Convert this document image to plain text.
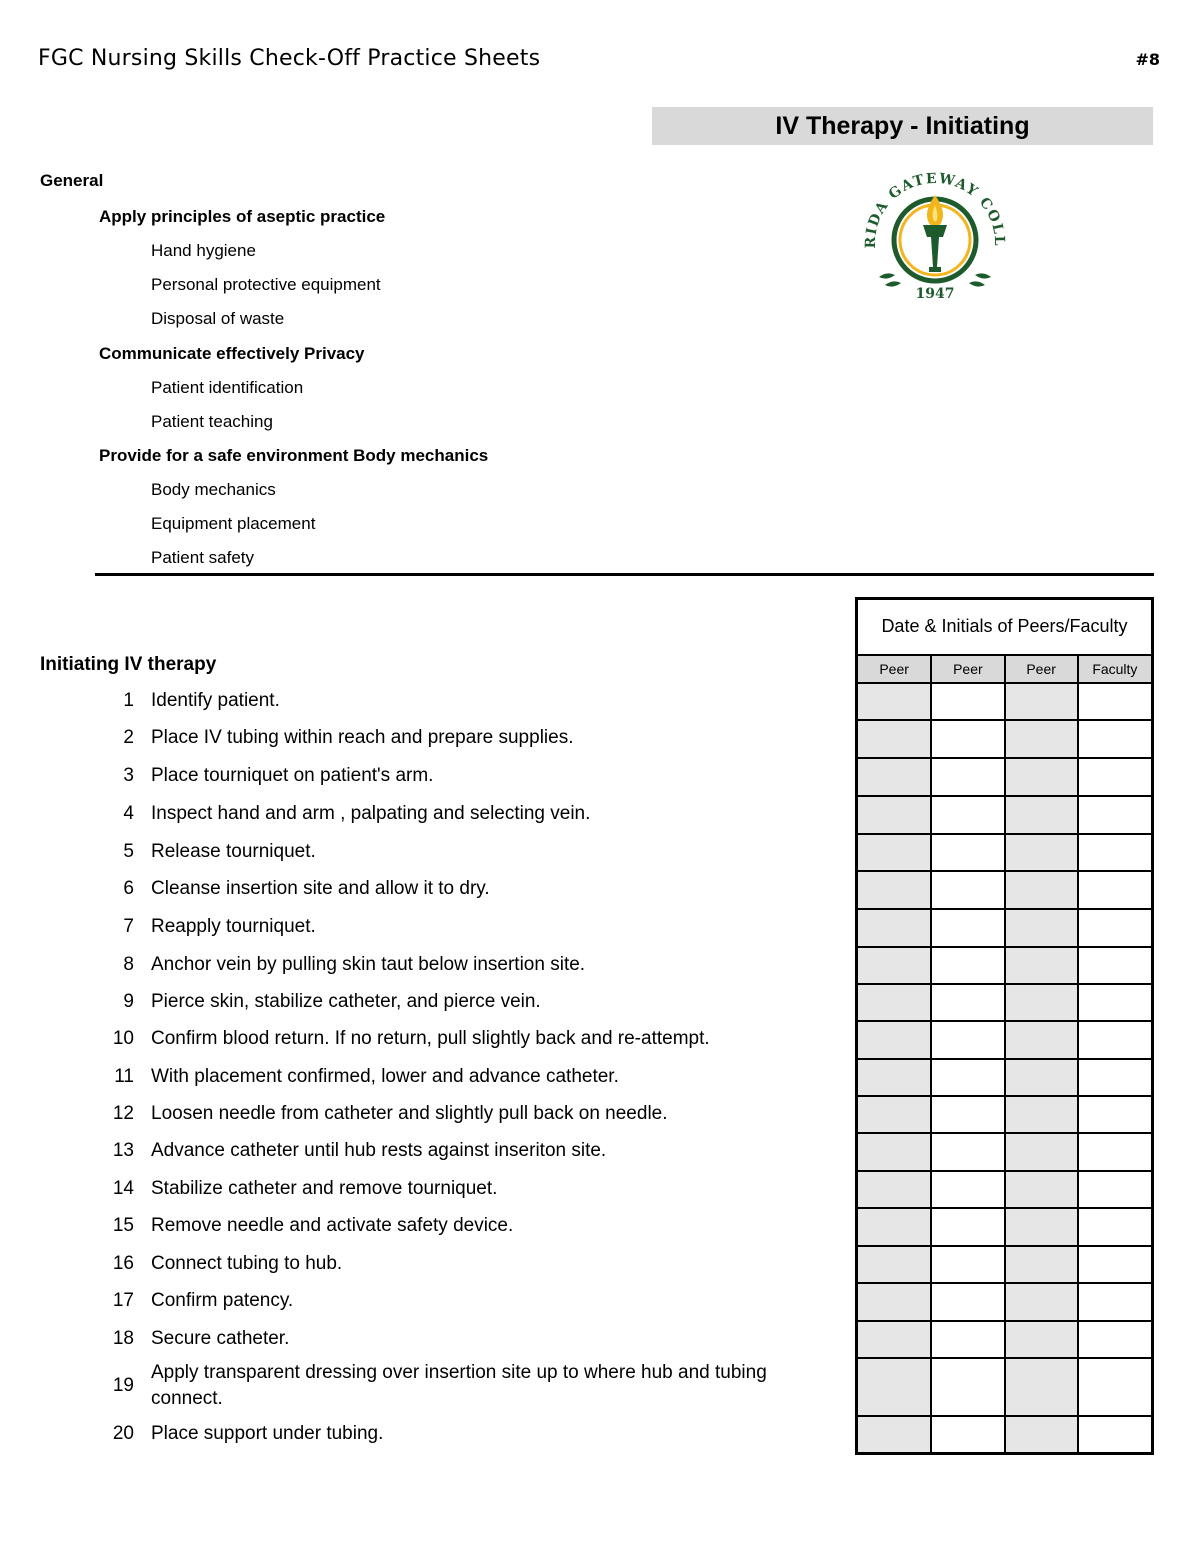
FGC Nursing Skills Check-Off Practice Sheets	#8
IV Therapy - Initiating
RIDA GATEWAY COLL
1947
General
Apply principles of aseptic practice
Hand hygiene
Personal protective equipment
Disposal of waste
Communicate effectively Privacy
Patient identification
Patient teaching
Provide for a safe environment Body mechanics
Body mechanics
Equipment placement
Patient safety
Initiating IV therapy
1 Identify patient.
2 Place IV tubing within reach and prepare supplies.
3 Place tourniquet on patient's arm.
4 Inspect hand and arm , palpating and selecting vein.
5 Release tourniquet.
6 Cleanse insertion site and allow it to dry.
7 Reapply tourniquet.
8 Anchor vein by pulling skin taut below insertion site.
9 Pierce skin, stabilize catheter, and pierce vein.
10 Confirm blood return. If no return, pull slightly back and re-attempt.
11 With placement confirmed, lower and advance catheter.
12 Loosen needle from catheter and slightly pull back on needle.
13 Advance catheter until hub rests against inseriton site.
14 Stabilize catheter and remove tourniquet.
15 Remove needle and activate safety device.
16 Connect tubing to hub.
17 Confirm patency.
18 Secure catheter.
19
Apply transparent dressing over insertion site up to where hub and tubing connect.
20 Place support under tubing.
Date & Initials of Peers/Faculty
Peer	Peer	Peer	Faculty
